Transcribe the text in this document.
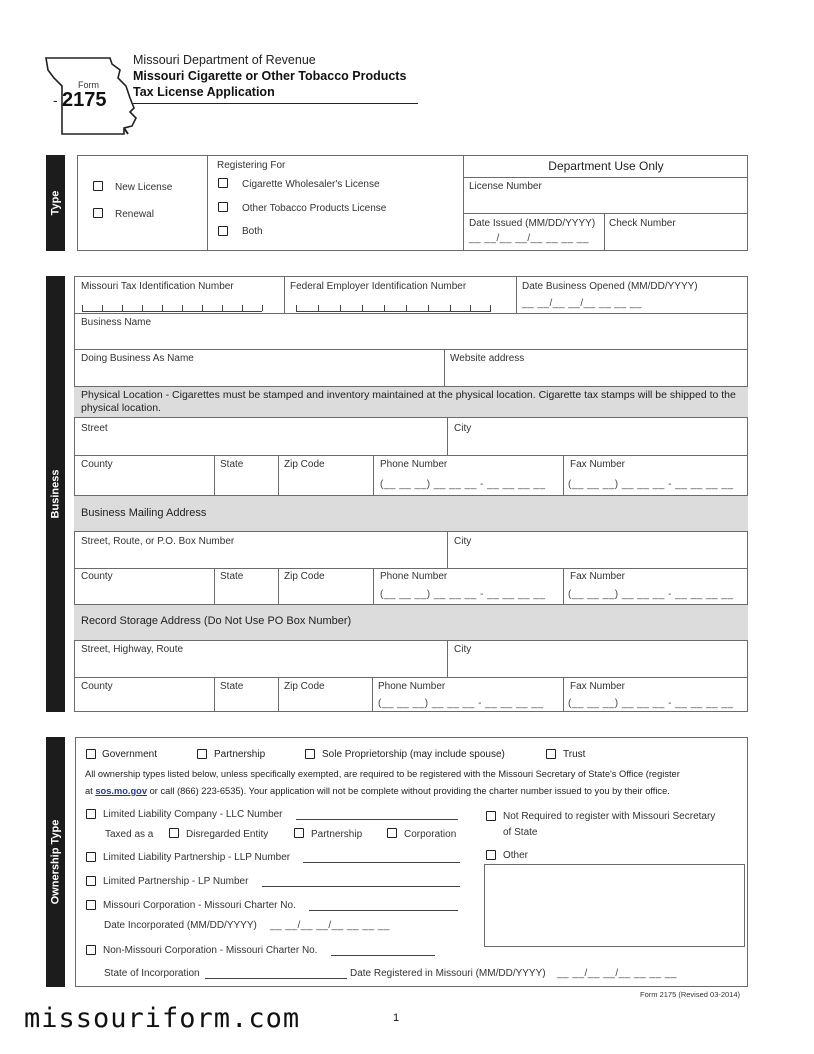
Form
2175
-
Missouri Department of Revenue
Missouri Cigarette or Other Tobacco Products
Tax License Application
Type
New License
Renewal
Registering For
Cigarette Wholesaler's License
Other Tobacco Products License
Both
Department Use Only
License Number
Date Issued (MM/DD/YYYY)
__ __/__ __/__ __ __ __
Check Number
Business
Missouri Tax Identification Number	Federal Employer Identification Number	Date Business Opened (MM/DD/YYYY)
__ __/__ __/__ __ __ __
Business Name
Doing Business As Name	Website address
Physical Location - Cigarettes must be stamped and inventory maintained at the physical location. Cigarette tax stamps will be shipped to the physical location.
Street	City
County	State	Zip Code	Phone Number	Fax Number
(__ __ __) __ __ __ - __ __ __ __ (__ __ __) __ __ __ - __ __ __ __
Business Mailing Address
Street, Route, or P.O. Box Number	City
County	State	Zip Code	Phone Number	Fax Number
(__ __ __) __ __ __ - __ __ __ __ (__ __ __) __ __ __ - __ __ __ __
Record Storage Address (Do Not Use PO Box Number)
Street, Highway, Route	City
County	State	Zip Code	Phone Number	Fax Number
(__ __ __) __ __ __ - __ __ __ __ (__ __ __) __ __ __ - __ __ __ __
Ownership Type
Government	Partnership	Sole Proprietorship (may include spouse)	Trust
All ownership types listed below, unless specifically exempted, are required to be registered with the Missouri Secretary of State's Office (register
at sos.mo.gov or call (866) 223-6535). Your application will not be complete without providing the charter number issued to you by their office.
Limited Liability Company - LLC Number
Taxed as a	Disregarded Entity	Partnership	Corporation
Not Required to register with Missouri Secretary
of State
Other
Limited Liability Partnership - LLP Number
Limited Partnership - LP Number
Missouri Corporation - Missouri Charter No.
Date Incorporated (MM/DD/YYYY) __ __/__ __/__ __ __ __
Non-Missouri Corporation - Missouri Charter No.
State of Incorporation	Date Registered in Missouri (MM/DD/YYYY) __ __/__ __/__ __ __ __
Form 2175 (Revised 03-2014)
missouriform.com	1
